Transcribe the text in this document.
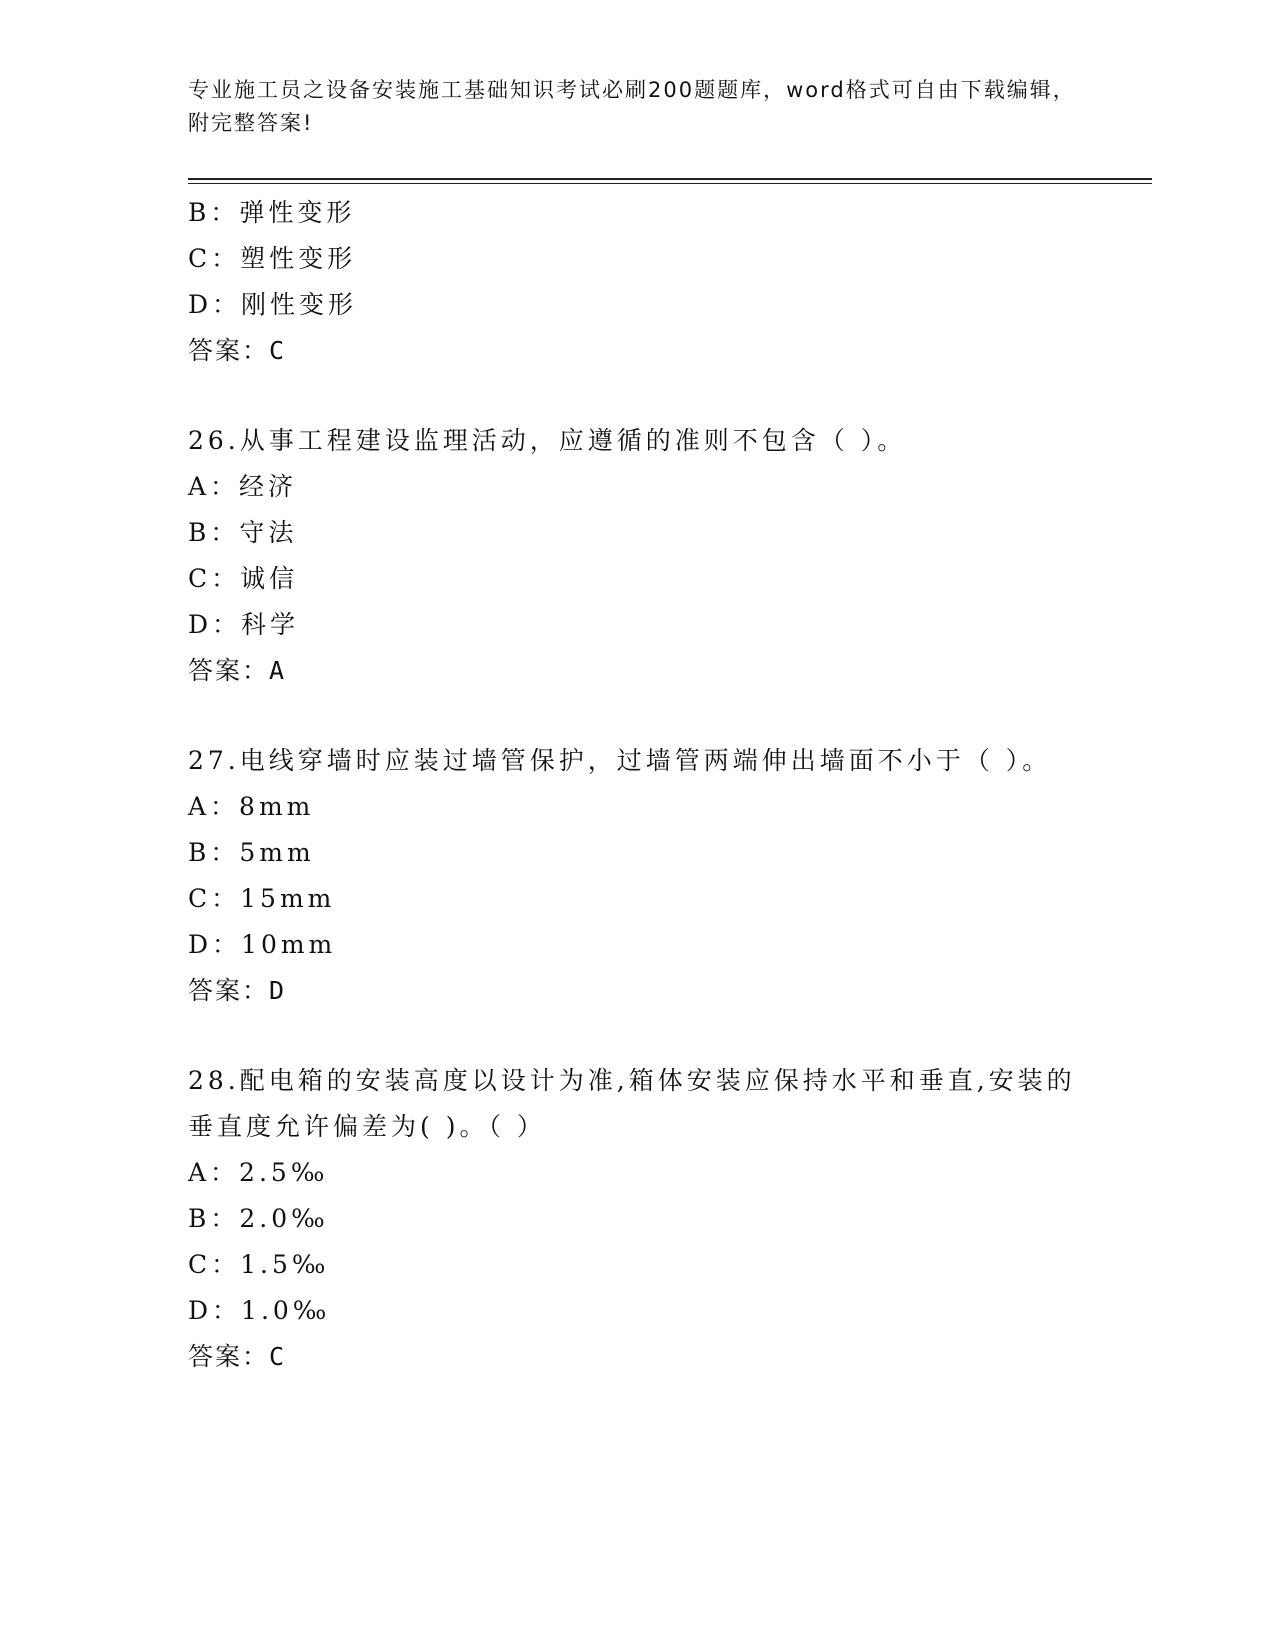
专业施工员之设备安装施工基础知识考试必刷200题题库，word格式可自由下载编辑，附完整答案!
B：弹性变形
C：塑性变形
D：刚性变形
答案：C
26.从事工程建设监理活动，应遵循的准则不包含（ ）。
A：经济
B：守法
C：诚信
D：科学
答案：A
27.电线穿墙时应装过墙管保护，过墙管两端伸出墙面不小于（ ）。
A：8mm
B：5mm
C：15mm
D：10mm
答案：D
28.配电箱的安装高度以设计为准,箱体安装应保持水平和垂直,安装的
垂直度允许偏差为( )。（ ）
A：2.5‰
B：2.0‰
C：1.5‰
D：1.0‰
答案：C
